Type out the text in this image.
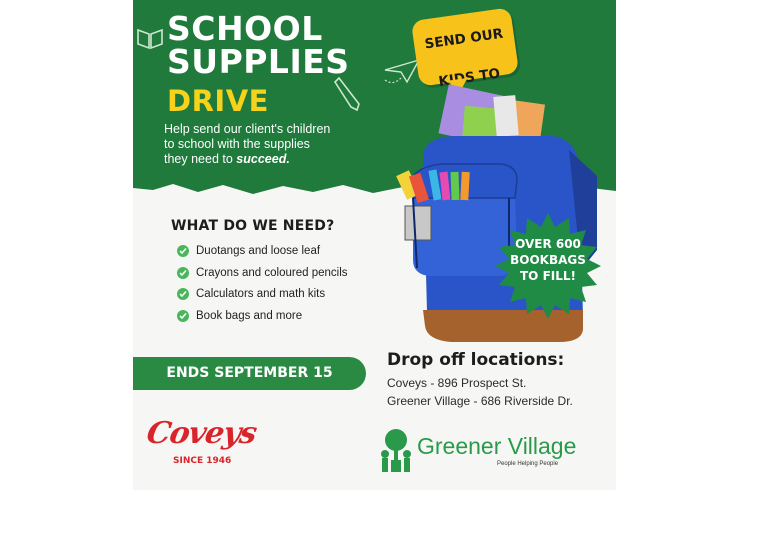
SCHOOL
SUPPLIES
DRIVE
Help send our client's children
to school with the supplies
they need to succeed.
SEND OUR

KIDS TO

OVER 600
BOOKBAGS
TO FILL!
WHAT DO WE NEED?
Duotangs and loose leaf
Crayons and coloured pencils
Calculators and math kits
Book bags and more
ENDS SEPTEMBER 15
Drop off locations:
Coveys - 896 Prospect St.
Greener Village - 686 Riverside Dr.
Coveys
SINCE 1946
Greener Village
People Helping People
